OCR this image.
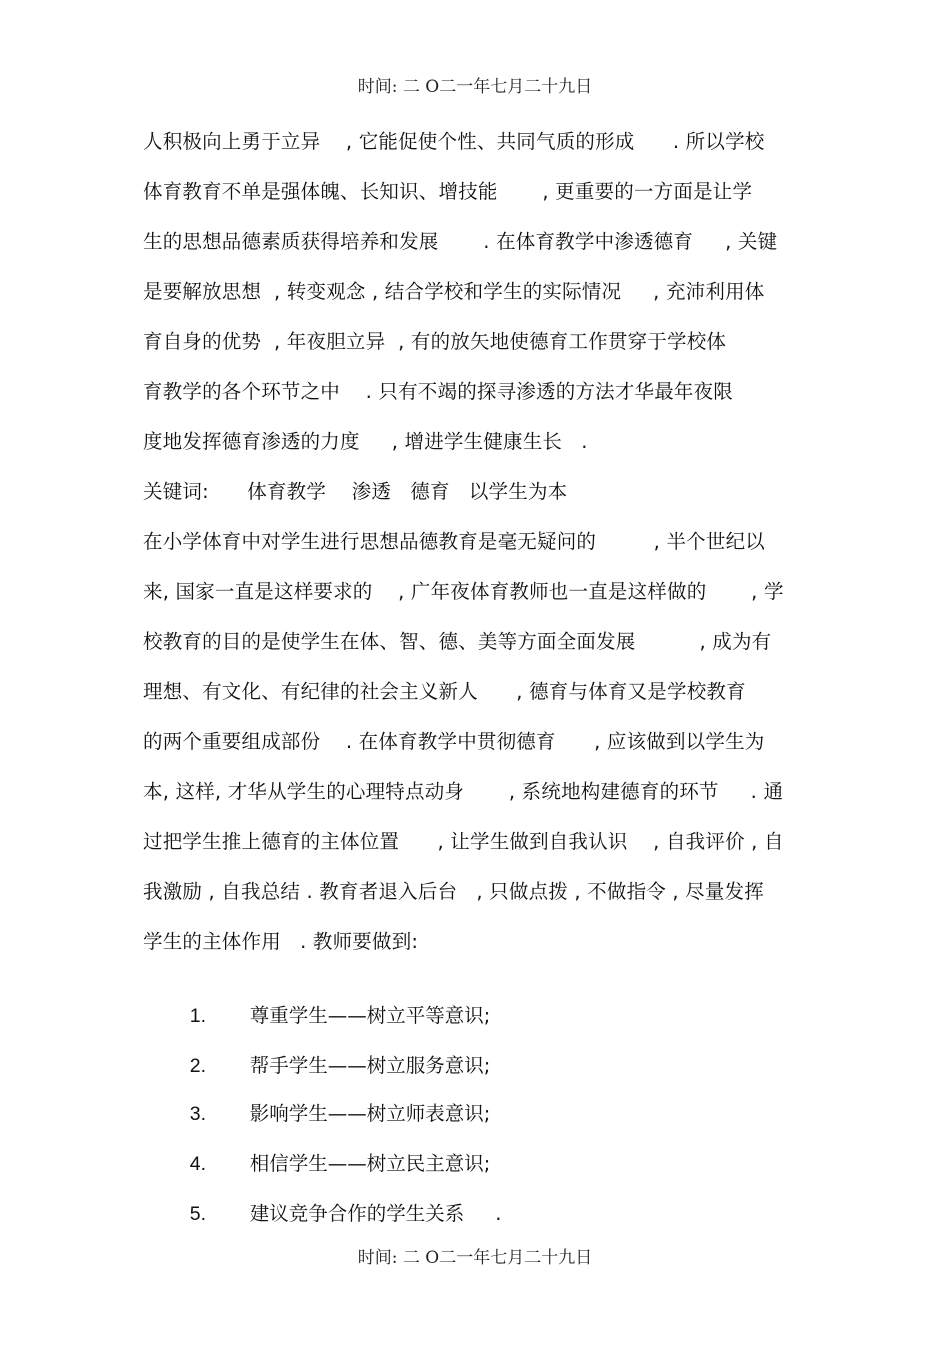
时间: 二 O二一年七月二十九日
人积极向上勇于立异    , 它能促使个性、共同气质的形成      . 所以学校
体育教育不单是强体魄、长知识、增技能       , 更重要的一方面是让学
生的思想品德素质获得培养和发展       . 在体育教学中渗透德育     , 关键
是要解放思想  , 转变观念 , 结合学校和学生的实际情况     , 充沛利用体
育自身的优势  , 年夜胆立异  , 有的放矢地使德育工作贯穿于学校体
育教学的各个环节之中    . 只有不竭的探寻渗透的方法才华最年夜限
度地发挥德育渗透的力度     , 增进学生健康生长   .
关键词:      体育教学    渗透   德育   以学生为本
在小学体育中对学生进行思想品德教育是毫无疑问的         , 半个世纪以
来, 国家一直是这样要求的    , 广年夜体育教师也一直是这样做的       , 学
校教育的目的是使学生在体、智、德、美等方面全面发展          , 成为有
理想、有文化、有纪律的社会主义新人      , 德育与体育又是学校教育
的两个重要组成部份    . 在体育教学中贯彻德育      , 应该做到以学生为
本, 这样, 才华从学生的心理特点动身       , 系统地构建德育的环节     . 通
过把学生推上德育的主体位置      , 让学生做到自我认识    , 自我评价 , 自
我激励 , 自我总结 . 教育者退入后台   , 只做点拨 , 不做指令 , 尽量发挥
学生的主体作用   . 教师要做到:

1. 尊重学生——树立平等意识;

2. 帮手学生——树立服务意识;

3. 影响学生——树立师表意识;

4. 相信学生——树立民主意识;

5. 建议竞争合作的学生关系     .

时间: 二 O二一年七月二十九日
